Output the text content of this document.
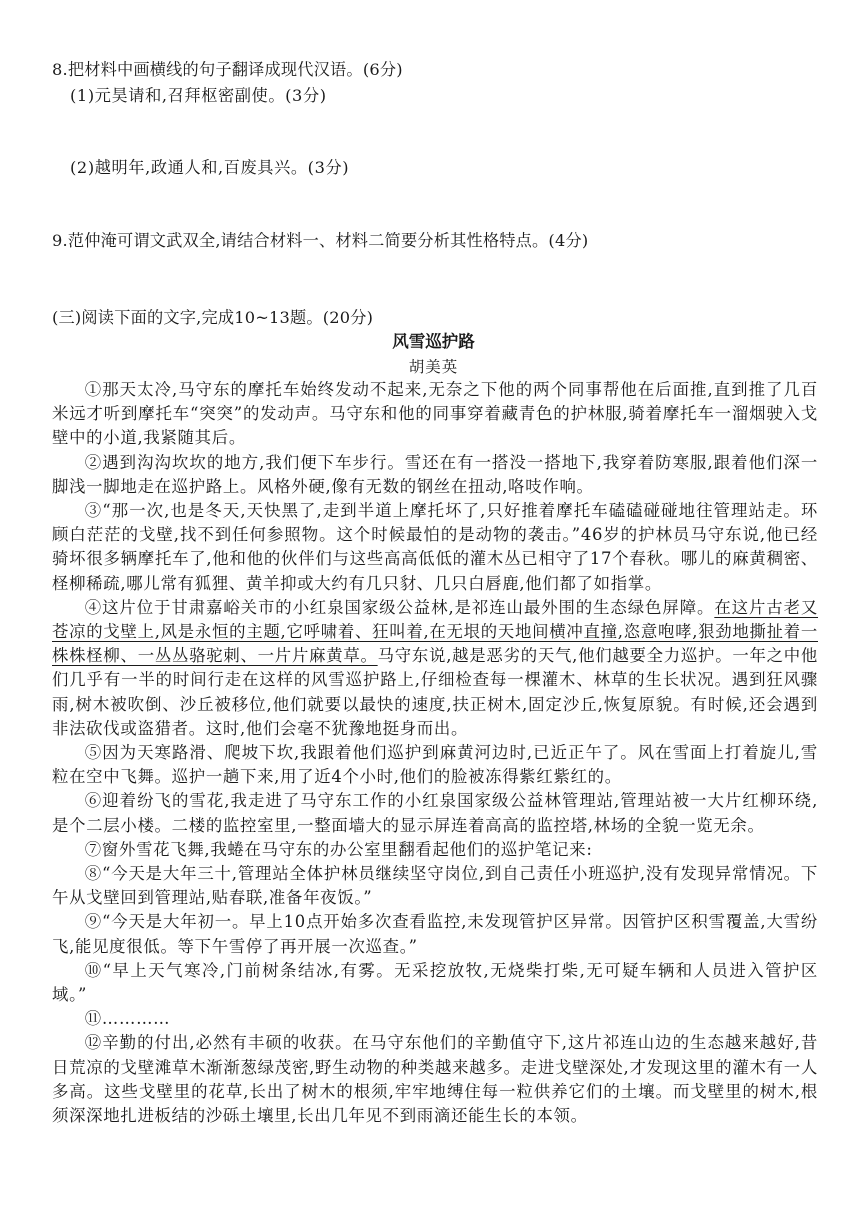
8.把材料中画横线的句子翻译成现代汉语。(6分)
(1)元昊请和,召拜枢密副使。(3分)
(2)越明年,政通人和,百废具兴。(3分)
9.范仲淹可谓文武双全,请结合材料一、材料二简要分析其性格特点。(4分)
(三)阅读下面的文字,完成10~13题。(20分)
风雪巡护路
胡美英

①那天太冷,马守东的摩托车始终发动不起来,无奈之下他的两个同事帮他在后面推,直到推了几百米远才听到摩托车“突突”的发动声。马守东和他的同事穿着藏青色的护林服,骑着摩托车一溜烟驶入戈壁中的小道,我紧随其后。

②遇到沟沟坎坎的地方,我们便下车步行。雪还在有一搭没一搭地下,我穿着防寒服,跟着他们深一脚浅一脚地走在巡护路上。风格外硬,像有无数的钢丝在扭动,咯吱作响。

③“那一次,也是冬天,天快黑了,走到半道上摩托坏了,只好推着摩托车磕磕碰碰地往管理站走。环顾白茫茫的戈壁,找不到任何参照物。这个时候最怕的是动物的袭击。”46岁的护林员马守东说,他已经骑坏很多辆摩托车了,他和他的伙伴们与这些高高低低的灌木丛已相守了17个春秋。哪儿的麻黄稠密、柽柳稀疏,哪儿常有狐狸、黄羊抑或大约有几只豺、几只白唇鹿,他们都了如指掌。

④这片位于甘肃嘉峪关市的小红泉国家级公益林,是祁连山最外围的生态绿色屏障。在这片古老又苍凉的戈壁上,风是永恒的主题,它呼啸着、狂叫着,在无垠的天地间横冲直撞,恣意咆哮,狠劲地撕扯着一株株柽柳、一丛丛骆驼刺、一片片麻黄草。马守东说,越是恶劣的天气,他们越要全力巡护。一年之中他们几乎有一半的时间行走在这样的风雪巡护路上,仔细检查每一棵灌木、林草的生长状况。遇到狂风骤雨,树木被吹倒、沙丘被移位,他们就要以最快的速度,扶正树木,固定沙丘,恢复原貌。有时候,还会遇到非法砍伐或盗猎者。这时,他们会毫不犹豫地挺身而出。

⑤因为天寒路滑、爬坡下坎,我跟着他们巡护到麻黄河边时,已近正午了。风在雪面上打着旋儿,雪粒在空中飞舞。巡护一趟下来,用了近4个小时,他们的脸被冻得紫红紫红的。

⑥迎着纷飞的雪花,我走进了马守东工作的小红泉国家级公益林管理站,管理站被一大片红柳环绕,是个二层小楼。二楼的监控室里,一整面墙大的显示屏连着高高的监控塔,林场的全貌一览无余。

⑦窗外雪花飞舞,我蜷在马守东的办公室里翻看起他们的巡护笔记来:

⑧“今天是大年三十,管理站全体护林员继续坚守岗位,到自己责任小班巡护,没有发现异常情况。下午从戈壁回到管理站,贴春联,准备年夜饭。”

⑨“今天是大年初一。早上10点开始多次查看监控,未发现管护区异常。因管护区积雪覆盖,大雪纷飞,能见度很低。等下午雪停了再开展一次巡查。”

⑩“早上天气寒冷,门前树条结冰,有雾。无采挖放牧,无烧柴打柴,无可疑车辆和人员进入管护区域。”

⑪…………

⑫辛勤的付出,必然有丰硕的收获。在马守东他们的辛勤值守下,这片祁连山边的生态越来越好,昔日荒凉的戈壁滩草木渐渐葱绿茂密,野生动物的种类越来越多。走进戈壁深处,才发现这里的灌木有一人多高。这些戈壁里的花草,长出了树木的根须,牢牢地缚住每一粒供养它们的土壤。而戈壁里的树木,根须深深地扎进板结的沙砾土壤里,长出几年见不到雨滴还能生长的本领。
